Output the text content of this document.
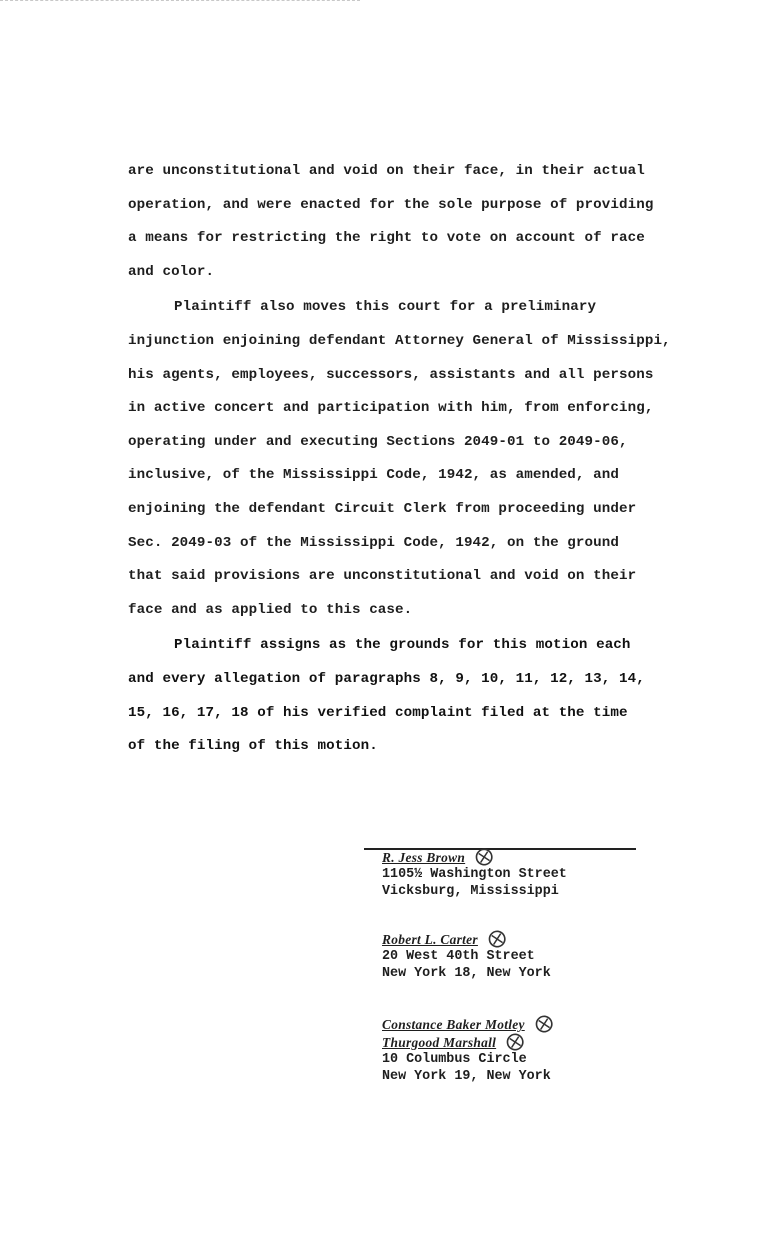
are unconstitutional and void on their face, in their actual
operation, and were enacted for the sole purpose of providing
a means for restricting the right to vote on account of race
and color.
Plaintiff also moves this court for a preliminary
injunction enjoining defendant Attorney General of Mississippi,
his agents, employees, successors, assistants and all persons
in active concert and participation with him, from enforcing,
operating under and executing Sections 2049-01 to 2049-06,
inclusive, of the Mississippi Code, 1942, as amended, and
enjoining the defendant Circuit Clerk from proceeding under
Sec. 2049-03 of the Mississippi Code, 1942, on the ground
that said provisions are unconstitutional and void on their
face and as applied to this case.
Plaintiff assigns as the grounds for this motion each
and every allegation of paragraphs 8, 9, 10, 11, 12, 13, 14,
15, 16, 17, 18 of his verified complaint filed at the time
of the filing of this motion.
R. Jess Brown ⨂
1105½ Washington Street
Vicksburg, Mississippi
Robert L. Carter ⨂
20 West 40th Street
New York 18, New York
Constance Baker Motley ⨂
Thurgood Marshall ⨂
10 Columbus Circle
New York 19, New York
